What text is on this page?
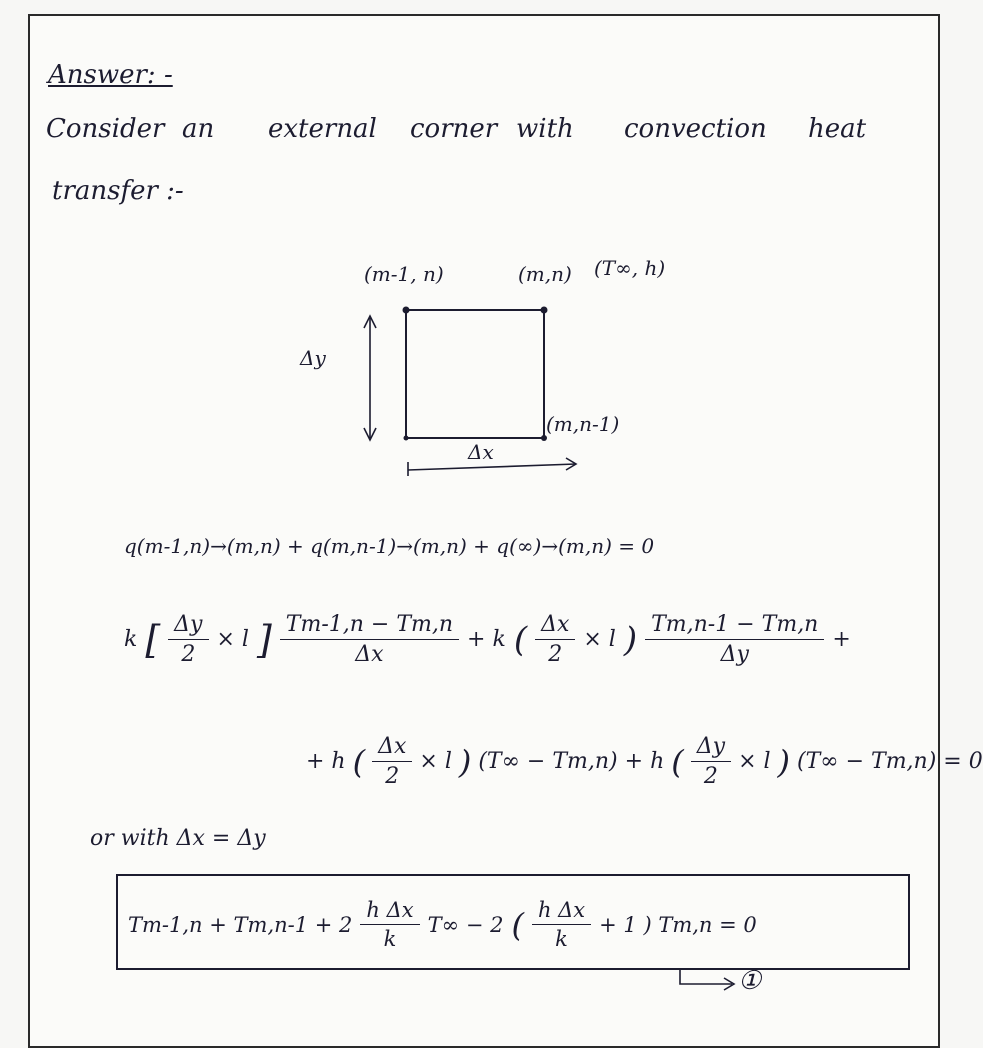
Answer: -
Consider an external corner with convection heat
transfer :-
(m-1, n)	(m,n) (T∞, h)
(m,n-1)
Δy
Δx
q(m-1,n)→(m,n) + q(m,n-1)→(m,n) + q(∞)→(m,n) = 0
k [ $\frac{\Delta y}{2} \times l$ ] $\frac{Tm-1,n - Tm,n}{\Delta x} + k$ ( $\frac{\Delta x}{2} \times l$ ) $\frac{Tm,n-1 - Tm,n}{\Delta y}$ +
+ h ( $\frac{\Delta x}{2} \times l$ ) (T∞ − Tm,n) + h ( $\frac{\Delta y}{2} \times l$ ) (T∞ − Tm,n) = 0
or with Δx = Δy
$Tm-1,n + Tm,n-1 + 2 \frac{\text{h Δx}}{k} T\infty - 2$ ( $\frac{\text{h Δx}}{k} + 1$ ) Tm,n = 0
①
